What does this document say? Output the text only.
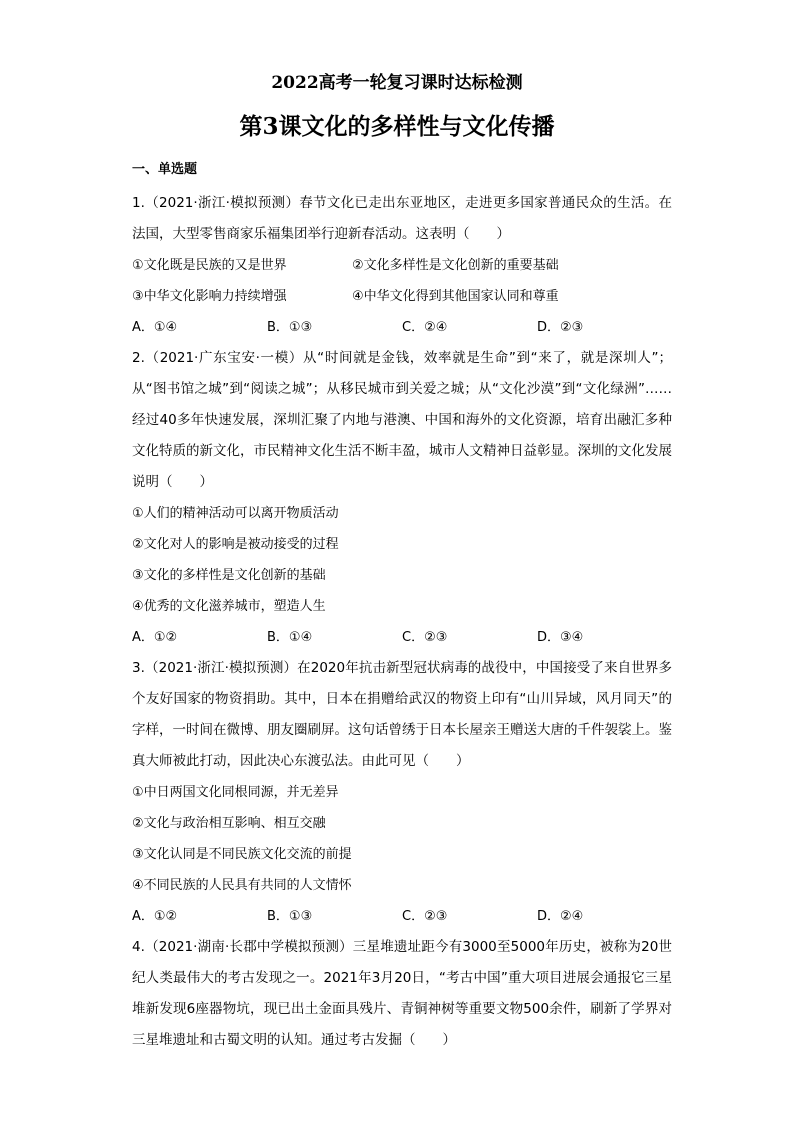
2022高考一轮复习课时达标检测
第3课文化的多样性与文化传播
一、单选题
1.（2021·浙江·模拟预测）春节文化已走出东亚地区，走进更多国家普通民众的生活。在法国，大型零售商家乐福集团举行迎新春活动。这表明（　　）
①文化既是民族的又是世界	②文化多样性是文化创新的重要基础
③中华文化影响力持续增强	④中华文化得到其他国家认同和尊重
A．①④	B．①③	C．②④	D．②③
2.（2021·广东宝安·一模）从“时间就是金钱，效率就是生命”到“来了，就是深圳人”；从“图书馆之城”到“阅读之城”；从移民城市到关爱之城；从“文化沙漠”到“文化绿洲”……经过40多年快速发展，深圳汇聚了内地与港澳、中国和海外的文化资源，培育出融汇多种文化特质的新文化，市民精神文化生活不断丰盈，城市人文精神日益彰显。深圳的文化发展说明（　　）
①人们的精神活动可以离开物质活动
②文化对人的影响是被动接受的过程
③文化的多样性是文化创新的基础
④优秀的文化滋养城市，塑造人生
A．①②	B．①④	C．②③	D．③④
3.（2021·浙江·模拟预测）在2020年抗击新型冠状病毒的战役中，中国接受了来自世界多个友好国家的物资捐助。其中，日本在捐赠给武汉的物资上印有“山川异域，风月同天”的字样，一时间在微博、朋友圈刷屏。这句话曾绣于日本长屋亲王赠送大唐的千件袈裟上。鉴真大师被此打动，因此决心东渡弘法。由此可见（　　）
①中日两国文化同根同源，并无差异
②文化与政治相互影响、相互交融
③文化认同是不同民族文化交流的前提
④不同民族的人民具有共同的人文情怀
A．①②	B．①③	C．②③	D．②④
4.（2021·湖南·长郡中学模拟预测）三星堆遗址距今有3000至5000年历史，被称为20世纪人类最伟大的考古发现之一。2021年3月20日，“考古中国”重大项目进展会通报它三星堆新发现6座器物坑，现已出土金面具残片、青铜神树等重要文物500余件，刷新了学界对三星堆遗址和古蜀文明的认知。通过考古发掘（　　）
